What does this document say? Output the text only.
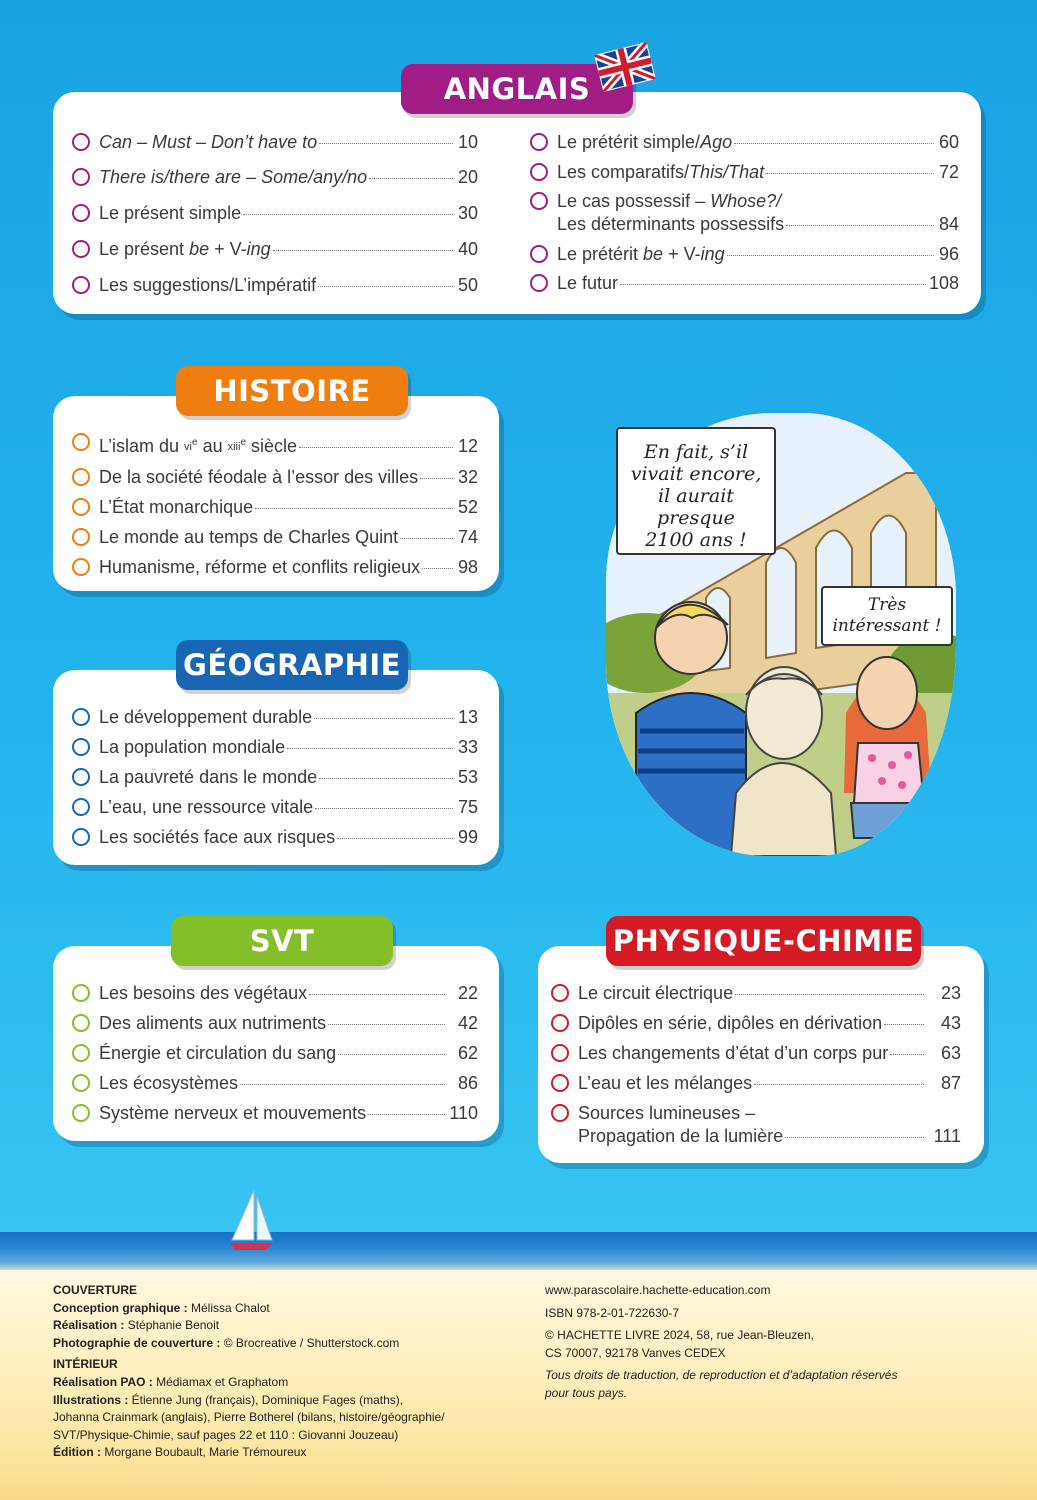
ANGLAIS
Can – Must – Don’t have to	10
There is/there are – Some/any/no	20
Le présent simple	30
Le présent be + V-ing	40
Les suggestions/L’impératif	50
Le prétérit simple/Ago	60
Les comparatifs/This/That	72
Le cas possessif – Whose?/
Les déterminants possessifs	84
Le prétérit be + V-ing	96
Le futur	108
HISTOIRE
L’islam du $vi^e$ au xiii$^e$ siècle	12
De la société féodale à l’essor des villes 32
L’État monarchique	52
Le monde au temps de Charles Quint	74
Humanisme, réforme et conflits religieux 98
GÉOGRAPHIE
Le développement durable	13
La population mondiale	33
La pauvreté dans le monde	53
L’eau, une ressource vitale	75
Les sociétés face aux risques	99
En fait, s’il
vivait encore,
il aurait presque
2100 ans !
Très
intéressant !
SVT
Les besoins des végétaux	22
Des aliments aux nutriments	42
Énergie et circulation du sang	62
Les écosystèmes	86
Système nerveux et mouvements	110
PHYSIQUE-CHIMIE
Le circuit électrique	23
Dipôles en série, dipôles en dérivation	43
Les changements d’état d’un corps pur	63
L’eau et les mélanges	87
Sources lumineuses –
Propagation de la lumière	111
COUVERTURE
Conception graphique : Mélissa Chalot
Réalisation : Stéphanie Benoit
Photographie de couverture : © Brocreative / Shutterstock.com
INTÉRIEUR
Réalisation PAO : Médiamax et Graphatom
Illustrations : Étienne Jung (français), Dominique Fages (maths),
Johanna Crainmark (anglais), Pierre Botherel (bilans, histoire/géographie/
SVT/Physique-Chimie, sauf pages 22 et 110 : Giovanni Jouzeau)
Édition : Morgane Boubault, Marie Trémoureux
www.parascolaire.hachette-education.com
ISBN 978-2-01-722630-7
© HACHETTE LIVRE 2024, 58, rue Jean-Bleuzen,
CS 70007, 92178 Vanves CEDEX
Tous droits de traduction, de reproduction et d’adaptation réservés
pour tous pays.
